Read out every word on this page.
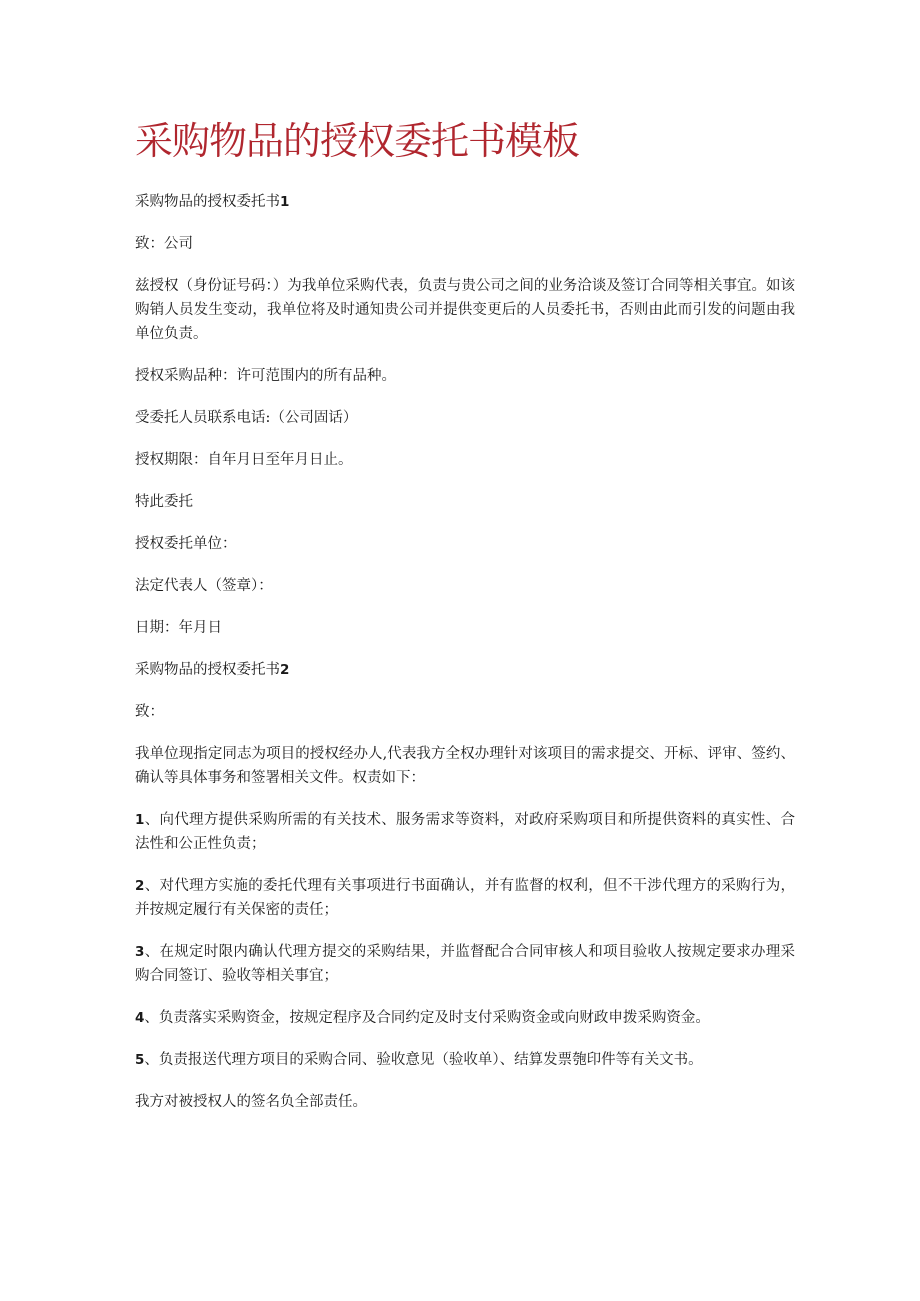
采购物品的授权委托书模板

采购物品的授权委托书1

致：公司

兹授权（身份证号码：）为我单位采购代表，负责与贵公司之间的业务洽谈及签订合同等相关事宜。如该购销人员发生变动，我单位将及时通知贵公司并提供变更后的人员委托书，否则由此而引发的问题由我单位负责。

授权采购品种：许可范围内的所有品种。

受委托人员联系电话:（公司固话）

授权期限：自年月日至年月日止。

特此委托

授权委托单位：

法定代表人（签章）：

日期：年月日

采购物品的授权委托书2

致：

我单位现指定同志为项目的授权经办人,代表我方全权办理针对该项目的需求提交、开标、评审、签约、确认等具体事务和签署相关文件。权责如下：

1、向代理方提供采购所需的有关技术、服务需求等资料，对政府采购项目和所提供资料的真实性、合法性和公正性负责；

2、对代理方实施的委托代理有关事项进行书面确认，并有监督的权利，但不干涉代理方的采购行为，并按规定履行有关保密的责任；

3、在规定时限内确认代理方提交的采购结果，并监督配合合同审核人和项目验收人按规定要求办理采购合同签订、验收等相关事宜；

4、负责落实采购资金，按规定程序及合同约定及时支付采购资金或向财政申拨采购资金。

5、负责报送代理方项目的采购合同、验收意见（验收单）、结算发票匏印件等有关文书。

我方对被授权人的签名负全部责任。
